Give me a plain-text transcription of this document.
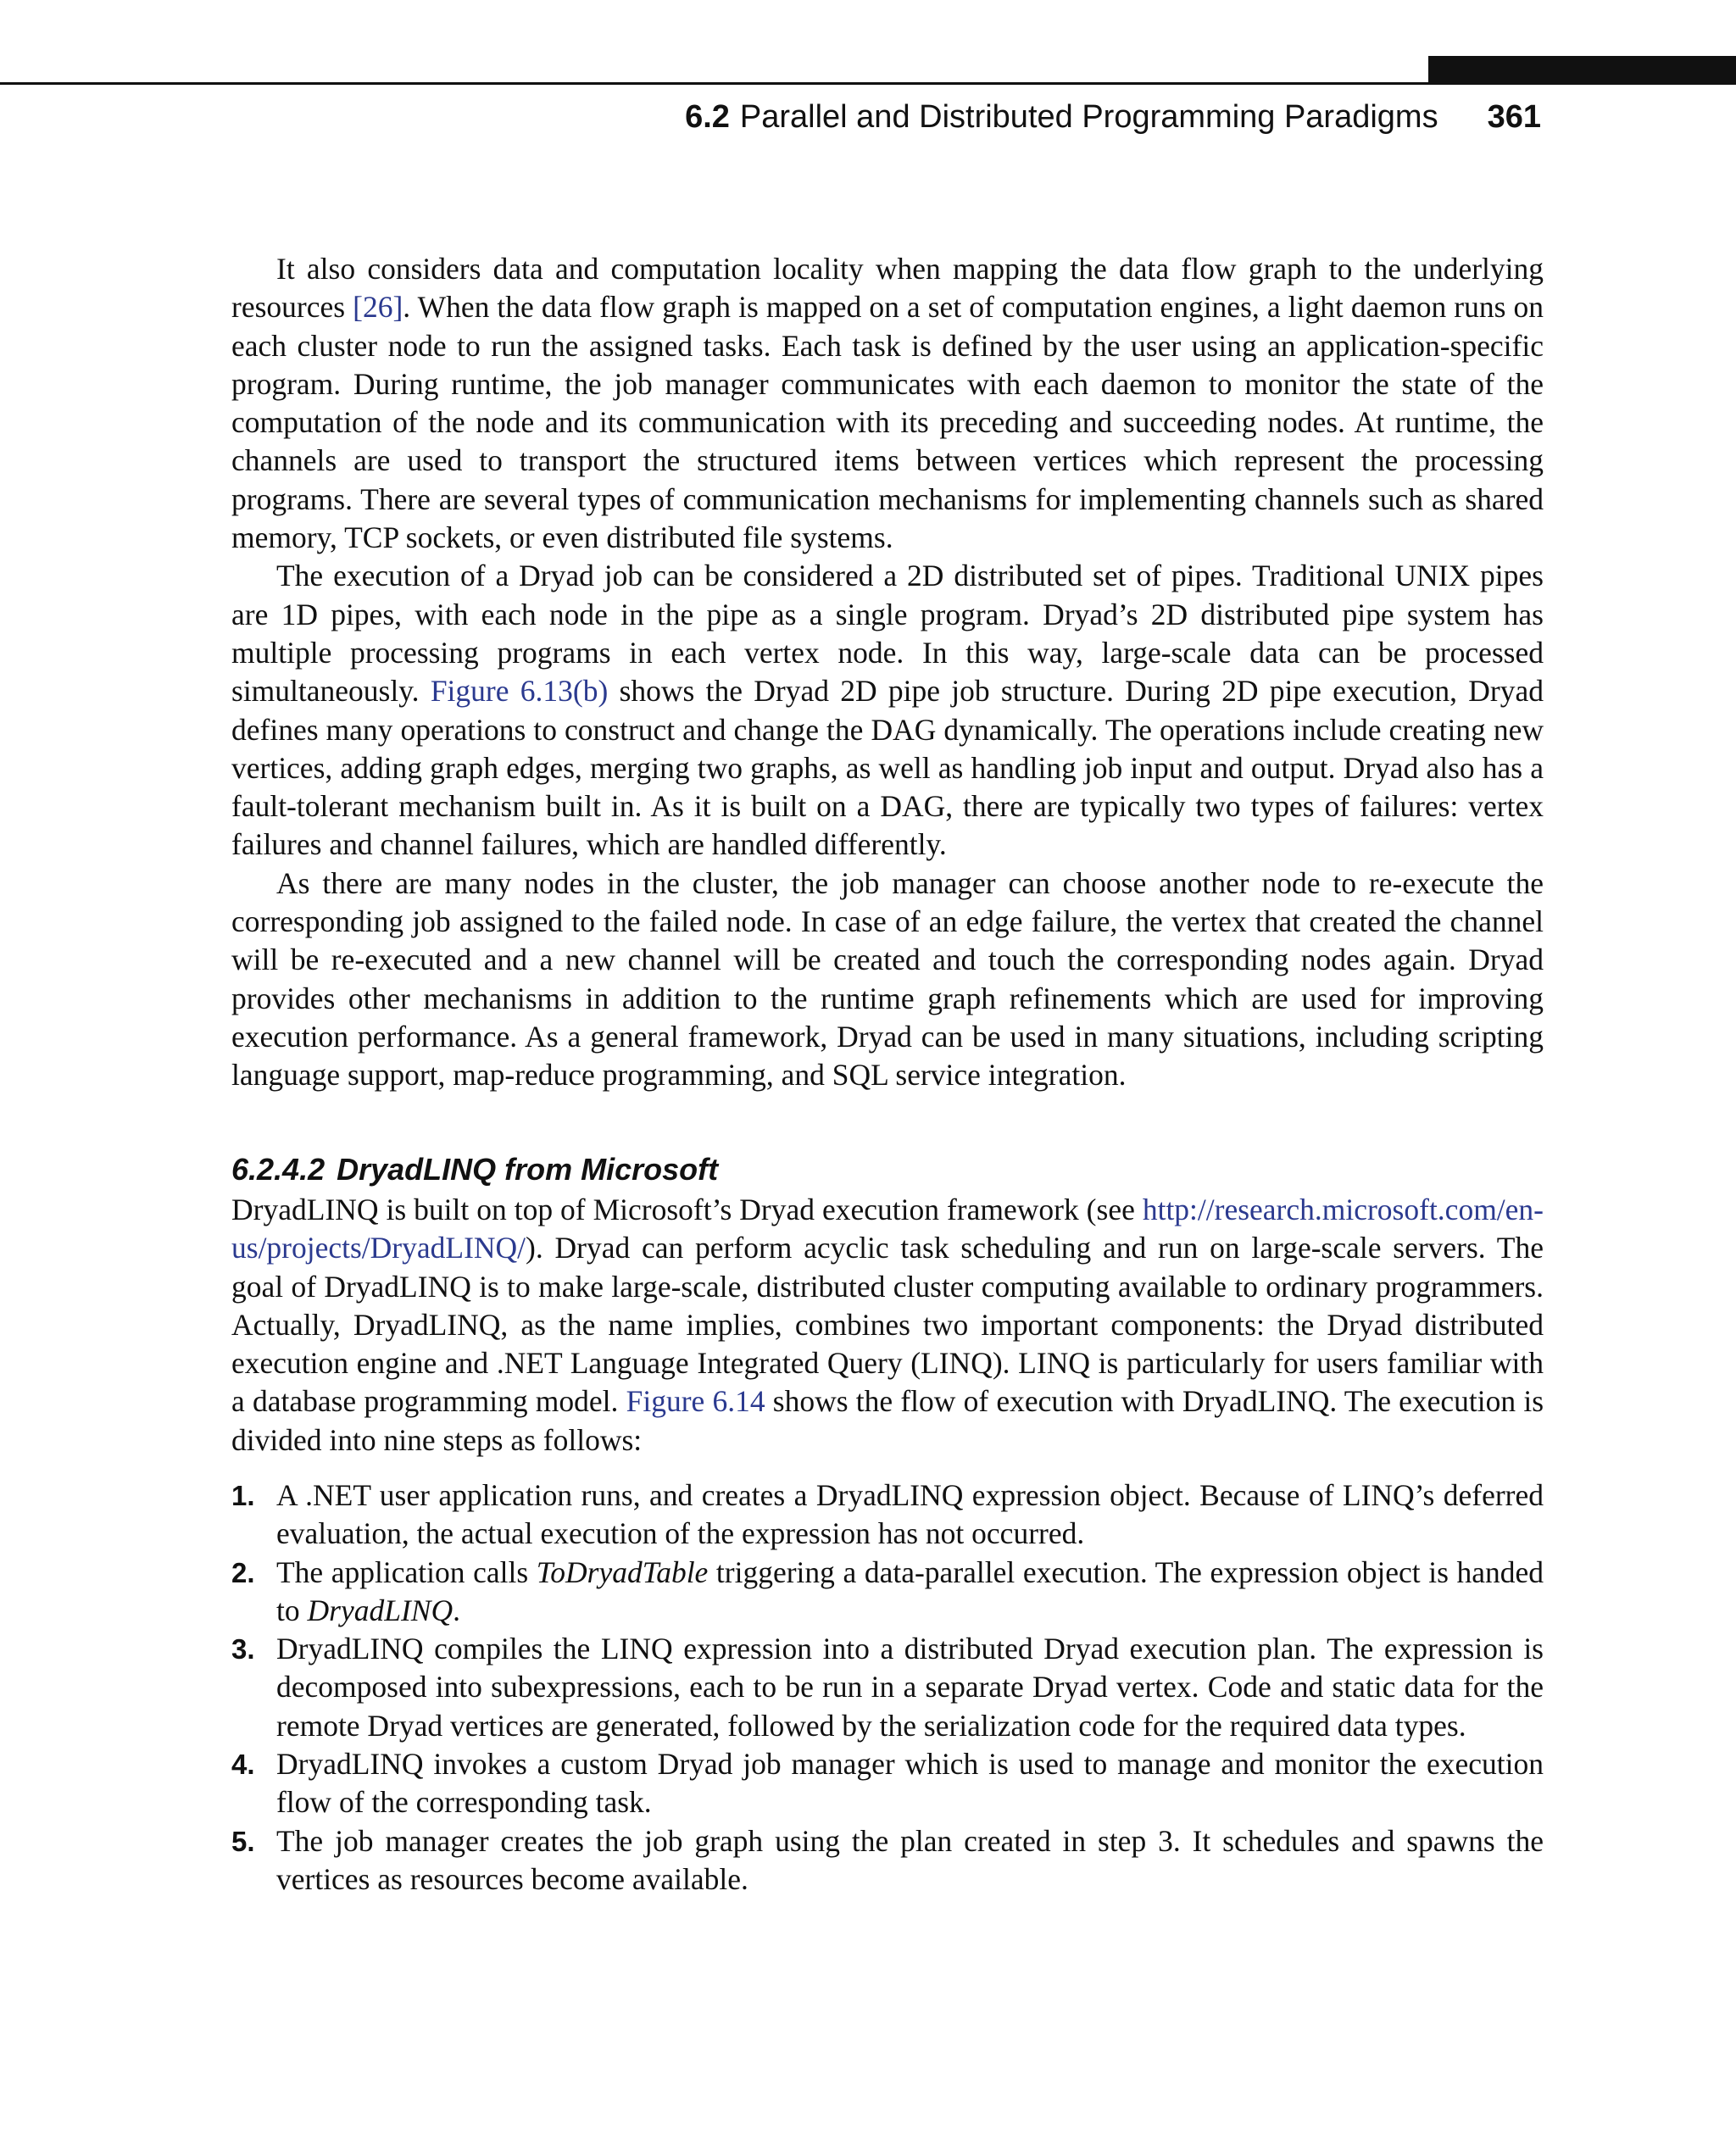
6.2 Parallel and Distributed Programming Paradigms 361

It also considers data and computation locality when mapping the data flow graph to the underlying resources [26]. When the data flow graph is mapped on a set of computation engines, a light daemon runs on each cluster node to run the assigned tasks. Each task is defined by the user using an application-specific program. During runtime, the job manager communicates with each daemon to monitor the state of the computation of the node and its communication with its preceding and succeeding nodes. At runtime, the channels are used to transport the structured items between vertices which represent the processing programs. There are several types of communication mechanisms for implementing channels such as shared memory, TCP sockets, or even distributed file systems.

The execution of a Dryad job can be considered a 2D distributed set of pipes. Traditional UNIX pipes are 1D pipes, with each node in the pipe as a single program. Dryad’s 2D distributed pipe system has multiple processing programs in each vertex node. In this way, large-scale data can be processed simultaneously. Figure 6.13(b) shows the Dryad 2D pipe job structure. During 2D pipe execution, Dryad defines many operations to construct and change the DAG dynamically. The operations include creating new vertices, adding graph edges, merging two graphs, as well as handling job input and output. Dryad also has a fault-tolerant mechanism built in. As it is built on a DAG, there are typically two types of failures: vertex failures and channel failures, which are handled differently.

As there are many nodes in the cluster, the job manager can choose another node to re-execute the corresponding job assigned to the failed node. In case of an edge failure, the vertex that created the channel will be re-executed and a new channel will be created and touch the corresponding nodes again. Dryad provides other mechanisms in addition to the runtime graph refinements which are used for improving execution performance. As a general framework, Dryad can be used in many situations, including scripting language support, map-reduce programming, and SQL service integration.

6.2.4.2 DryadLINQ from Microsoft

DryadLINQ is built on top of Microsoft’s Dryad execution framework (see http://research.microsoft.com/en-us/projects/DryadLINQ/). Dryad can perform acyclic task scheduling and run on large-scale servers. The goal of DryadLINQ is to make large-scale, distributed cluster computing available to ordinary programmers. Actually, DryadLINQ, as the name implies, combines two important components: the Dryad distributed execution engine and .NET Language Integrated Query (LINQ). LINQ is particularly for users familiar with a database programming model. Figure 6.14 shows the flow of execution with DryadLINQ. The execution is divided into nine steps as follows:

1. A .NET user application runs, and creates a DryadLINQ expression object. Because of LINQ’s deferred evaluation, the actual execution of the expression has not occurred.
2. The application calls ToDryadTable triggering a data-parallel execution. The expression object is handed to DryadLINQ.
3. DryadLINQ compiles the LINQ expression into a distributed Dryad execution plan. The expression is decomposed into subexpressions, each to be run in a separate Dryad vertex. Code and static data for the remote Dryad vertices are generated, followed by the serialization code for the required data types.
4. DryadLINQ invokes a custom Dryad job manager which is used to manage and monitor the execution flow of the corresponding task.
5. The job manager creates the job graph using the plan created in step 3. It schedules and spawns the vertices as resources become available.
